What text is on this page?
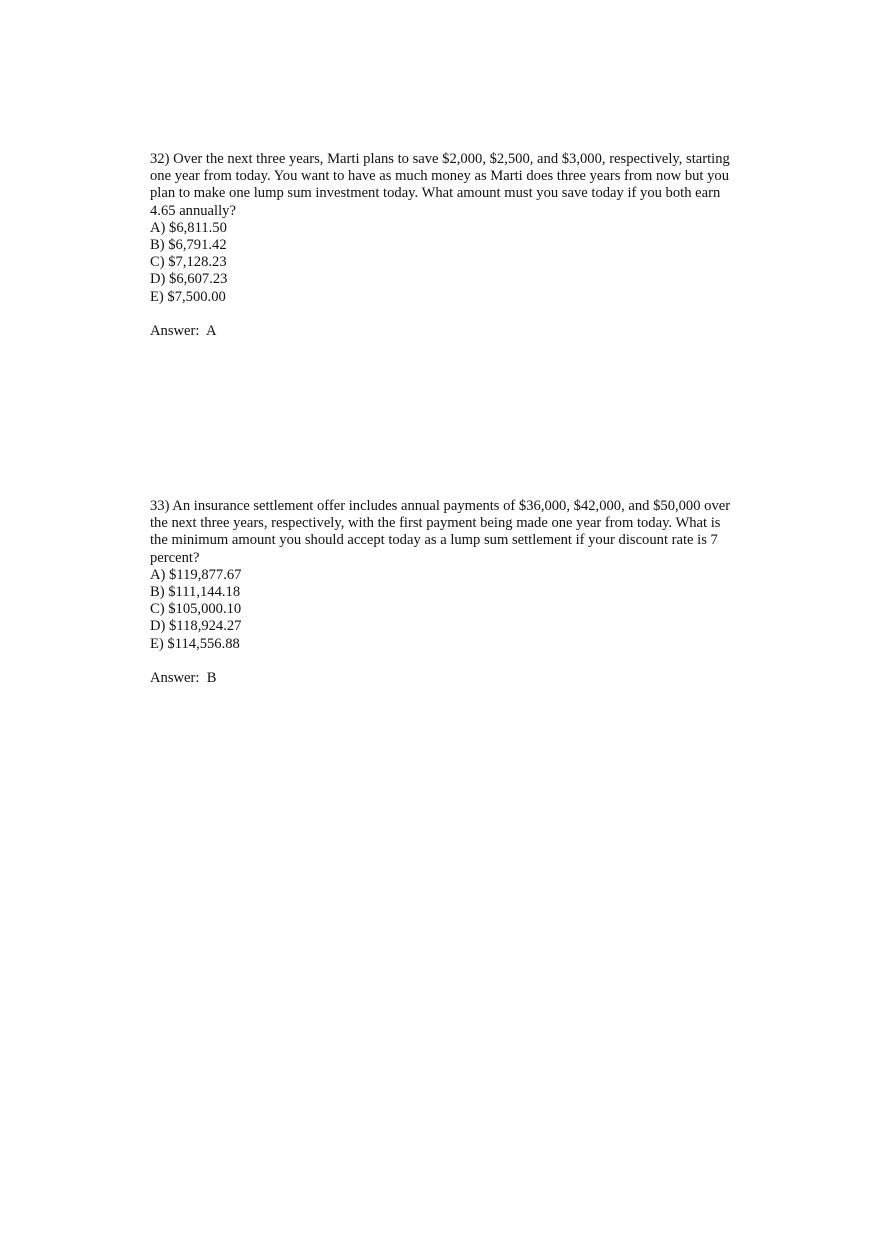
32) Over the next three years, Marti plans to save $2,000, $2,500, and $3,000, respectively, starting one year from today. You want to have as much money as Marti does three years from now but you plan to make one lump sum investment today. What amount must you save today if you both earn 4.65 annually?

A) $6,811.50
B) $6,791.42
C) $7,128.23
D) $6,607.23
E) $7,500.00

Answer:  A

33) An insurance settlement offer includes annual payments of $36,000, $42,000, and $50,000 over the next three years, respectively, with the first payment being made one year from today. What is the minimum amount you should accept today as a lump sum settlement if your discount rate is 7 percent?

A) $119,877.67
B) $111,144.18
C) $105,000.10
D) $118,924.27
E) $114,556.88

Answer:  B
